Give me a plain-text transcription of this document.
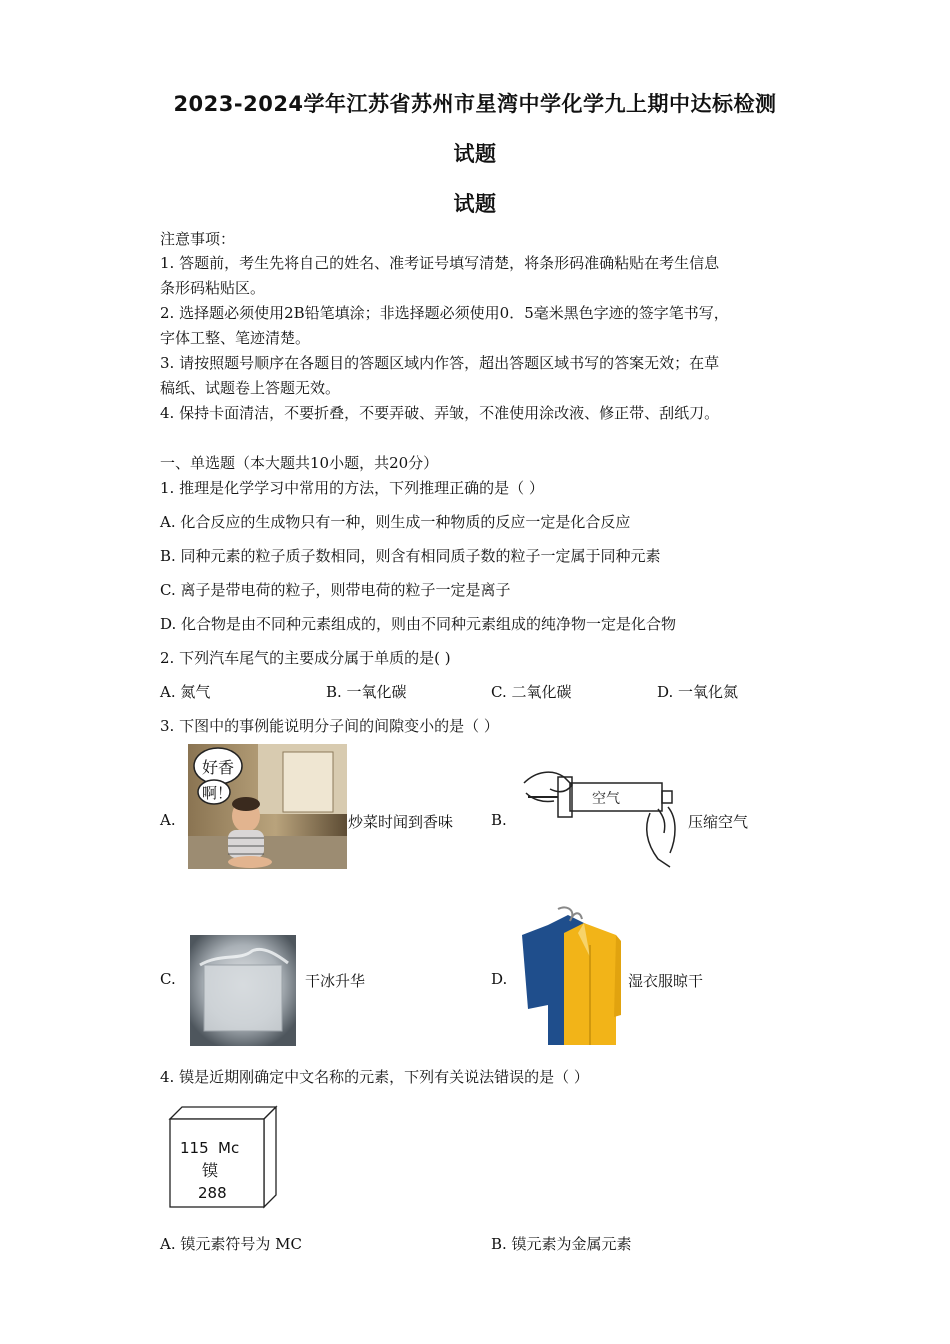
2023-2024学年江苏省苏州市星湾中学化学九上期中达标检测
试题
试题
注意事项：
1. 答题前，考生先将自己的姓名、准考证号填写清楚，将条形码准确粘贴在考生信息
条形码粘贴区。
2. 选择题必须使用2B铅笔填涂；非选择题必须使用0．5毫米黑色字迹的签字笔书写，
字体工整、笔迹清楚。
3. 请按照题号顺序在各题目的答题区域内作答，超出答题区域书写的答案无效；在草
稿纸、试题卷上答题无效。
4. 保持卡面清洁，不要折叠，不要弄破、弄皱，不准使用涂改液、修正带、刮纸刀。
一、单选题（本大题共10小题，共20分）
1. 推理是化学学习中常用的方法，下列推理正确的是（ ）
A. 化合反应的生成物只有一种，则生成一种物质的反应一定是化合反应
B. 同种元素的粒子质子数相同，则含有相同质子数的粒子一定属于同种元素
C. 离子是带电荷的粒子，则带电荷的粒子一定是离子
D. 化合物是由不同种元素组成的，则由不同种元素组成的纯净物一定是化合物
2. 下列汽车尾气的主要成分属于单质的是( )
A. 氮气	B. 一氧化碳	C. 二氧化碳	D. 一氧化氮
3. 下图中的事例能说明分子间的间隙变小的是（ ）
A.
好香
啊！
炒菜时闻到香味	B.
空气
压缩空气
C.	干冰升华	D.	湿衣服晾干
4. 镆是近期刚确定中文名称的元素，下列有关说法错误的是（ ）
115 Mc
镆
288
A. 镆元素符号为 MC	B. 镆元素为金属元素
